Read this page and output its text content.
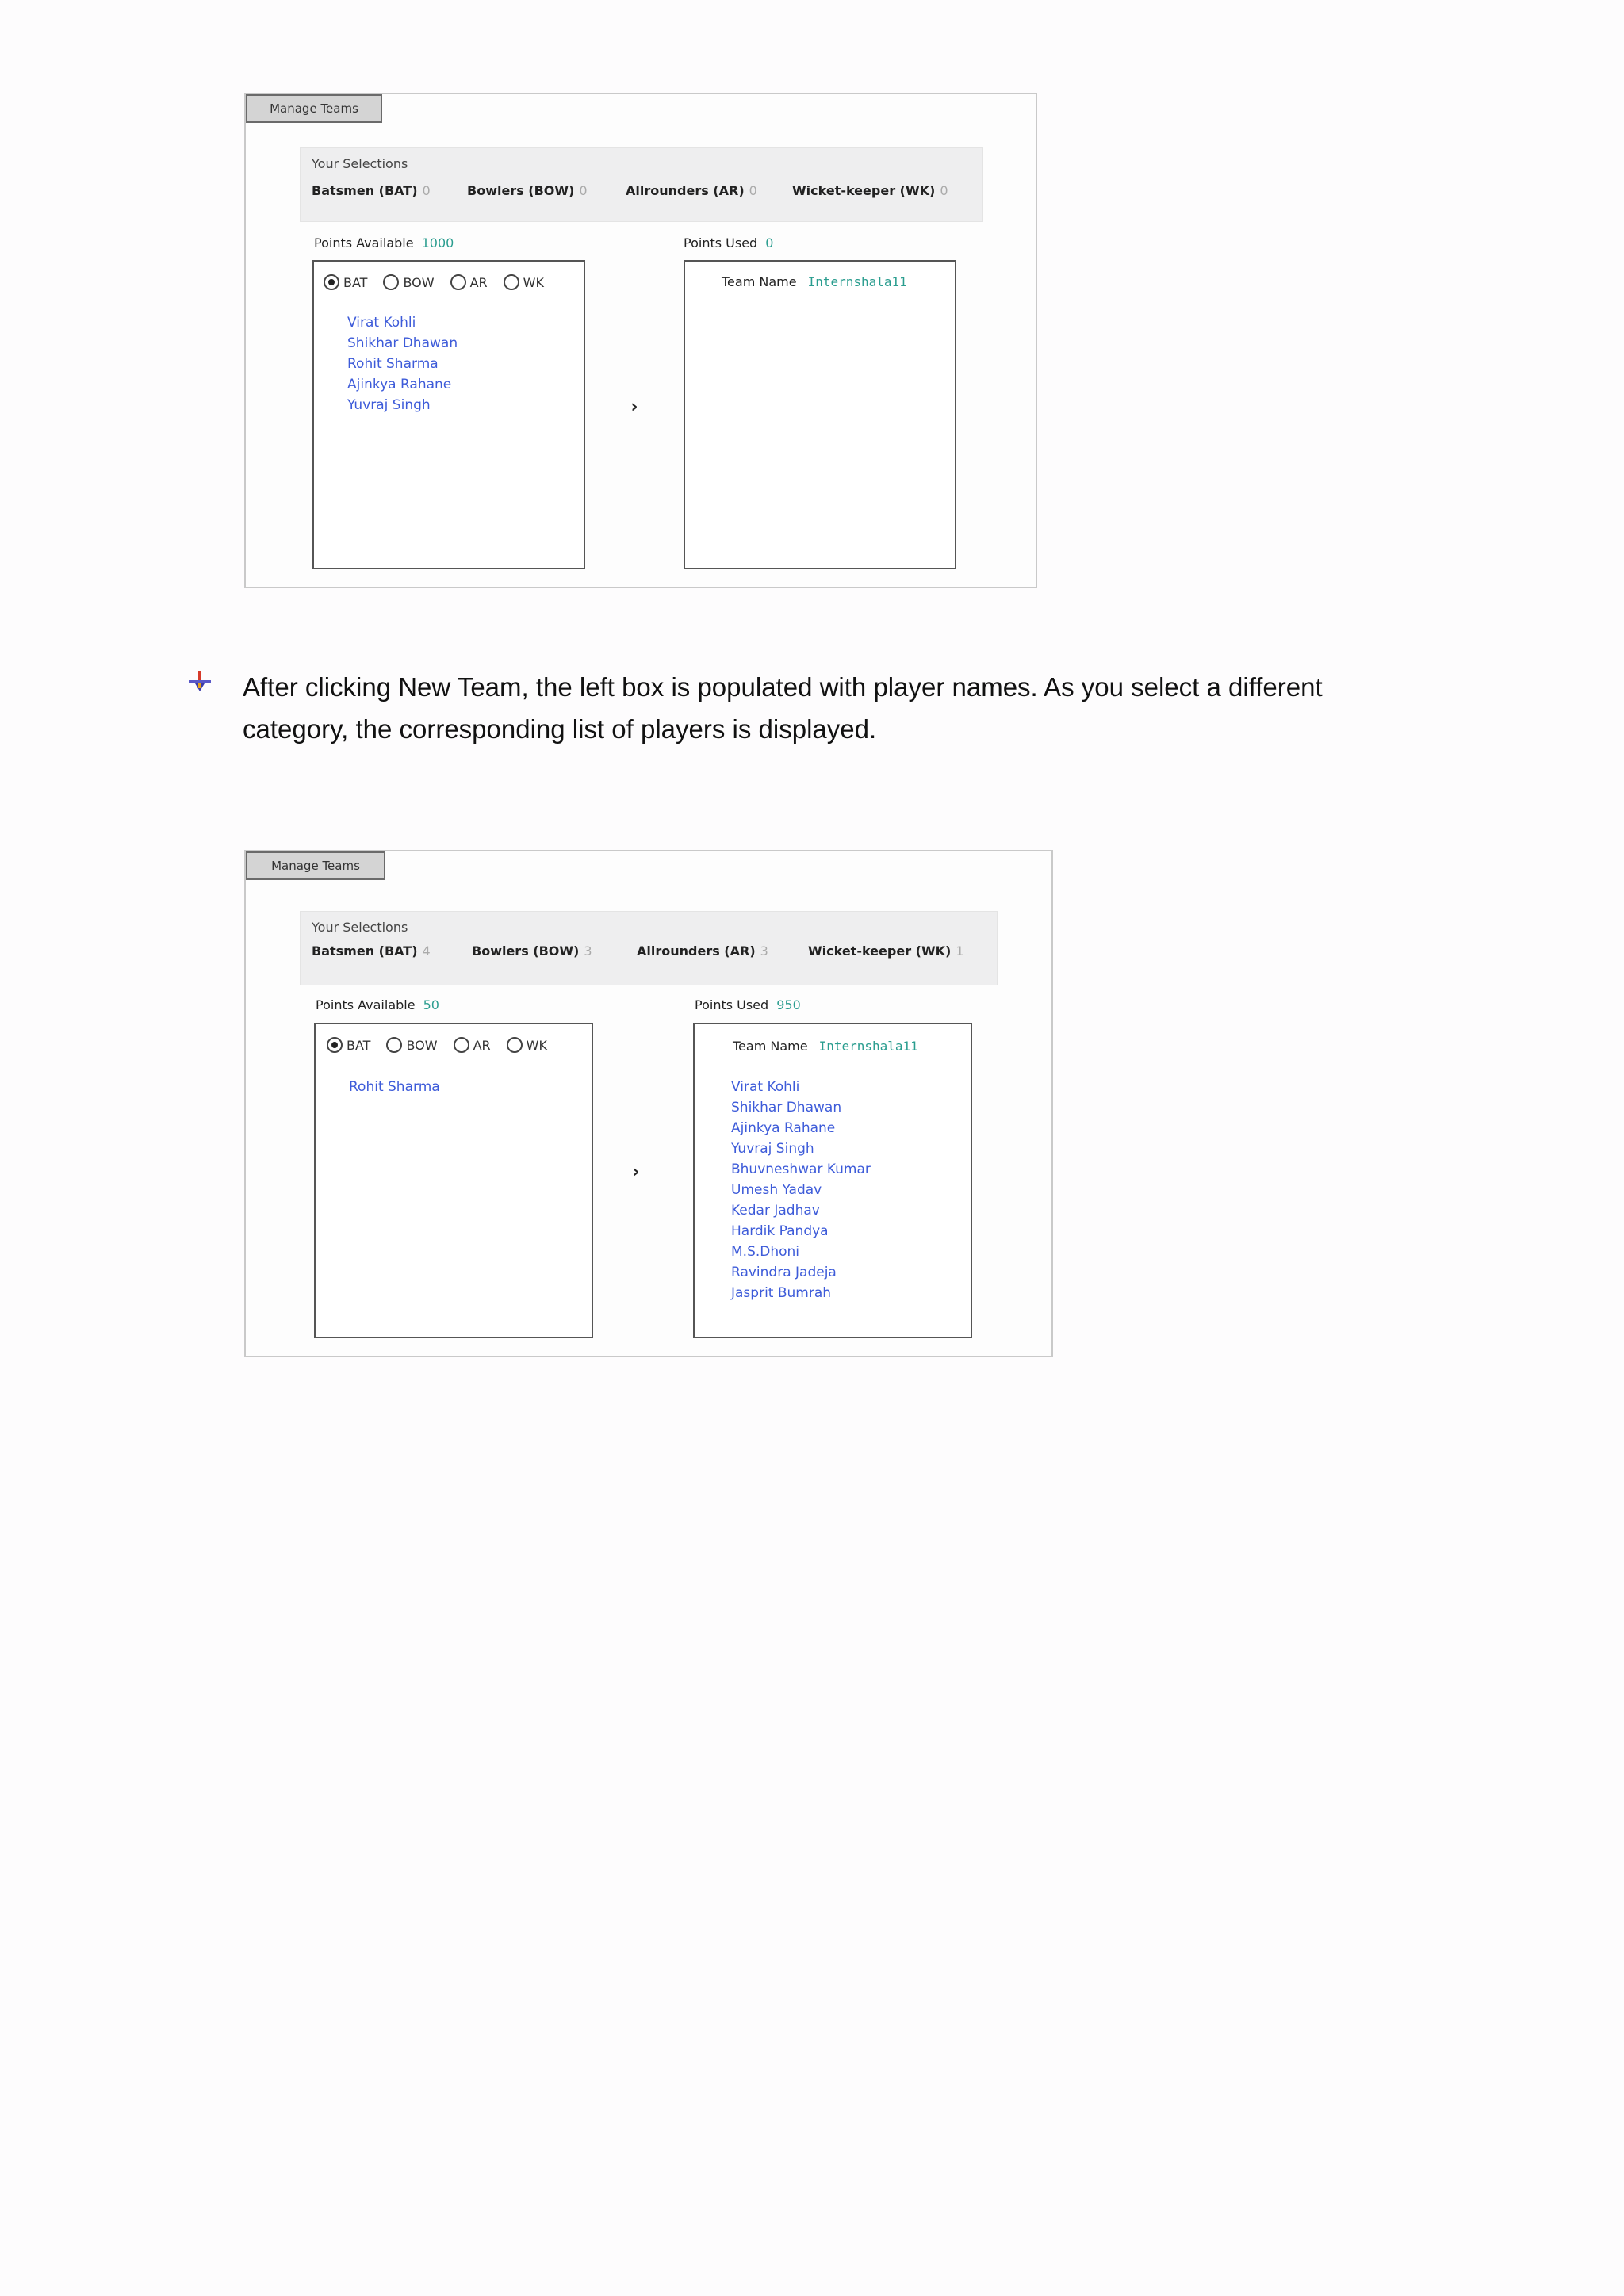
Manage Teams
Your Selections
Batsmen (BAT) 0	Bowlers (BOW) 0	Allrounders (AR) 0	Wicket-keeper (WK) 0
Points Available 1000	Points Used 0
BAT	BOW	AR	WK
Virat Kohli
Shikhar Dhawan
Rohit Sharma
Ajinkya Rahane
Yuvraj Singh	›
Team Name Internshala11
After clicking New Team, the left box is populated with player names. As you select a different
category, the corresponding list of players is displayed.
Manage Teams
Your Selections
Batsmen (BAT) 4	Bowlers (BOW) 3	Allrounders (AR) 3	Wicket-keeper (WK) 1
Points Available 50	Points Used 950
BAT	BOW	AR	WK
Rohit Sharma
›
Team Name Internshala11
Virat Kohli
Shikhar Dhawan
Ajinkya Rahane
Yuvraj Singh
Bhuvneshwar Kumar
Umesh Yadav
Kedar Jadhav
Hardik Pandya
M.S.Dhoni
Ravindra Jadeja
Jasprit Bumrah
